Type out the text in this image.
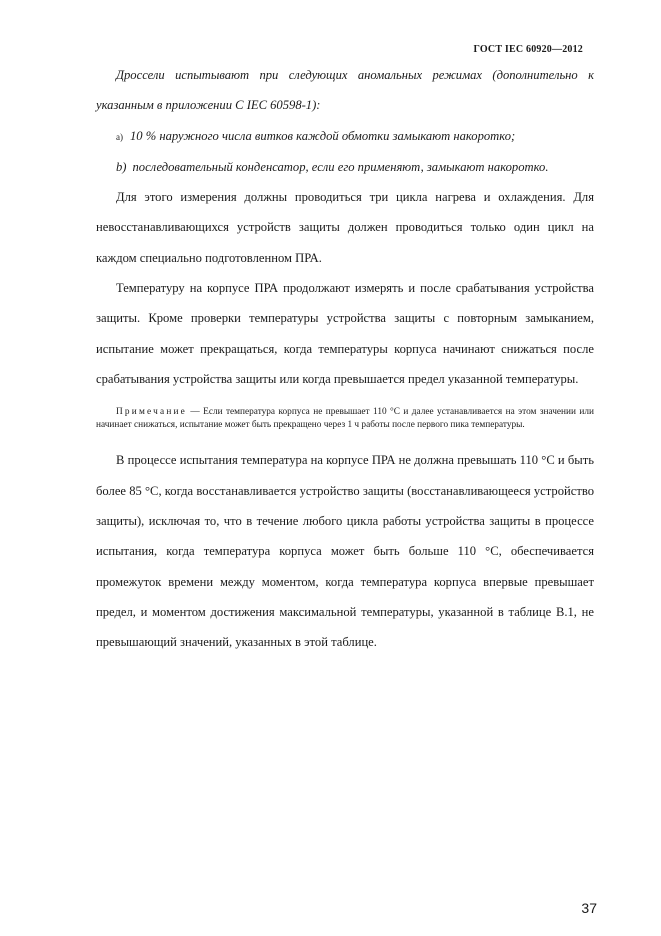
ГОСТ IEC 60920—2012

Дроссели испытывают при следующих аномальных режимах (дополнительно к указанным в приложении С IEC 60598-1):

а) 10 % наружного числа витков каждой обмотки замыкают накоротко;

b) последовательный конденсатор, если его применяют, замыкают накоротко.

Для этого измерения должны проводиться три цикла нагрева и охлаждения. Для невосстанавливающихся устройств защиты должен проводиться только один цикл на каждом специально подготовленном ПРА.

Температуру на корпусе ПРА продолжают измерять и после срабатывания устройства защиты. Кроме проверки температуры устройства защиты с повторным замыканием, испытание может прекращаться, когда температуры корпуса начинают снижаться после срабатывания устройства защиты или когда превышается предел указанной температуры.

Примечание — Если температура корпуса не превышает 110 °С и далее устанавливается на этом значении или начинает снижаться, испытание может быть прекращено через 1 ч работы после первого пика температуры.

В процессе испытания температура на корпусе ПРА не должна превышать 110 °С и быть более 85 °С, когда восстанавливается устройство защиты (восстанавливающееся устройство защиты), исключая то, что в течение любого цикла работы устройства защиты в процессе испытания, когда температура корпуса может быть больше 110 °С, обеспечивается промежуток времени между моментом, когда температура корпуса впервые превышает предел, и моментом достижения максимальной температуры, указанной в таблице В.1, не превышающий значений, указанных в этой таблице.

37
